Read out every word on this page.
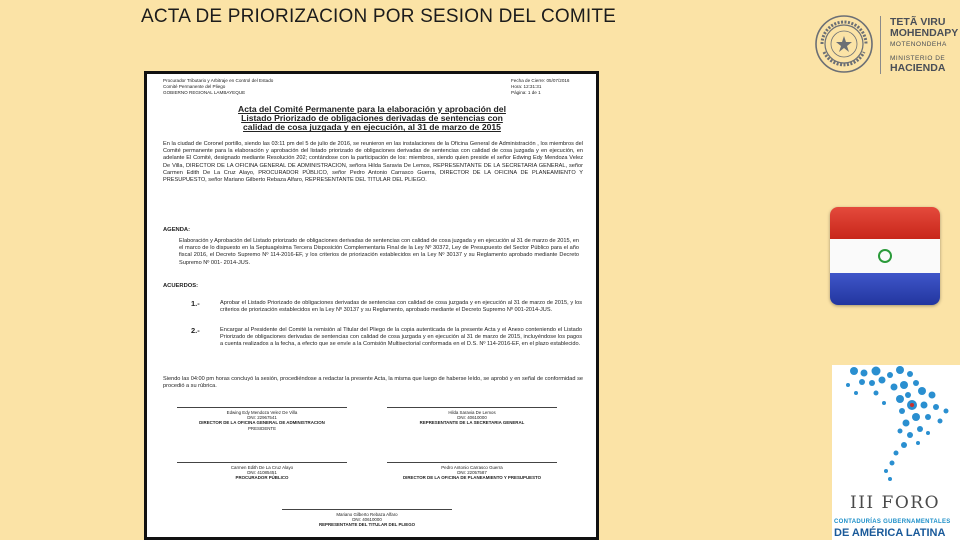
ACTA DE PRIORIZACION POR SESION DEL COMITE	TETÃ VIRU
MOHENDAPY
MOTENONDEHA
MINISTERIO DE
HACIENDA
III FORO
CONTADURÍAS GUBERNAMENTALES
DE AMÉRICA LATINA
Procurador Tributario y Arbitraje en Control del Estado
Comité Permanente del Pliego
GOBIERNO REGIONAL LAMBAYEQUE
Fecha de Cierre: 05/07/2016
Hora: 12:31:31
Página: 1 de 1
Acta del Comité Permanente para la elaboración y aprobación del
Listado Priorizado de obligaciones derivadas de sentencias con
calidad de cosa juzgada y en ejecución, al 31 de marzo de 2015
En la ciudad de Coronel portillo, siendo las 03:11 pm del 5 de julio de 2016, se reunieron en las instalaciones de la Oficina General de Administración , los miembros del Comité permanente para la elaboración y aprobación del listado priorizado de obligaciones derivadas de sentencias con calidad de cosa juzgada y en ejecución, en adelante El Comité, designado mediante Resolución 202; contándose con la participación de los: miembros, siendo quien preside el señor Edwing Edy Mendoza Velez De Villa, DIRECTOR DE LA OFICINA GENERAL DE ADMINISTRACION, señora Hilda Saravia De Lemos, REPRESENTANTE DE LA SECRETARIA GENERAL, señor Carmen Edith De La Cruz Alayo, PROCURADOR PÚBLICO, señor Pedro Antonio Carrasco Guerra, DIRECTOR DE LA OFICINA DE PLANEAMIENTO Y PRESUPUESTO, señor Mariano Gilberto Rebaza Alfaro, REPRESENTANTE DEL TITULAR DEL PLIEGO.
AGENDA:
Elaboración y Aprobación del Listado priorizado de obligaciones derivadas de sentencias con calidad de cosa juzgada y en ejecución al 31 de marzo de 2015, en el marco de lo dispuesto en la Septuagésima Tercera Disposición Complementaria Final de la Ley Nº 30372, Ley de Presupuesto del Sector Público para el año fiscal 2016, el Decreto Supremo Nº 114-2016-EF, y los criterios de priorización establecidos en la Ley Nº 30137 y su Reglamento aprobado mediante Decreto Supremo Nº 001- 2014-JUS.
ACUERDOS:
1.-	Aprobar el Listado Priorizado de obligaciones derivadas de sentencias con calidad de cosa juzgada y en ejecución al 31 de marzo de 2015, y los criterios de priorización establecidos en la Ley Nº 30137 y su Reglamento, aprobado mediante el Decreto Supremo Nº 001-2014-JUS.
2.-	Encargar al Presidente del Comité la remisión al Titular del Pliego de la copia autenticada de la presente Acta y el Anexo conteniendo el Listado Priorizado de obligaciones derivadas de sentencias con calidad de cosa juzgada y en ejecución al 31 de marzo de 2015, incluyéndose los pagos a cuenta realizados a la fecha, a efecto que se envíe a la Comisión Multisectorial conformada en el D.S. Nº 114-2016-EF, en el plazo establecido.
Siendo las 04:00 pm horas concluyó la sesión, procediéndose a redactar la presente Acta, la misma que luego de haberse leído, se aprobó y en señal de conformidad se procedió a su rúbrica.
Edwing Edy Mendoza Velez De Villa
DNI: 22967541
DIRECTOR DE LA OFICINA GENERAL DE ADMINISTRACION
PRESIDENTE
Hilda Saravia De Lemos
DNI: 40610000
REPRESENTANTE DE LA SECRETARIA GENERAL
Carmen Edith De La Cruz Alayo
DNI: 41085451
PROCURADOR PÚBLICO
Pedro Antonio Carrasco Guerra
DNI: 22057587
DIRECTOR DE LA OFICINA DE PLANEAMIENTO Y PRESUPUESTO
Mariano Gilberto Rebaza Alfaro
DNI: 40610000
REPRESENTANTE DEL TITULAR DEL PLIEGO
